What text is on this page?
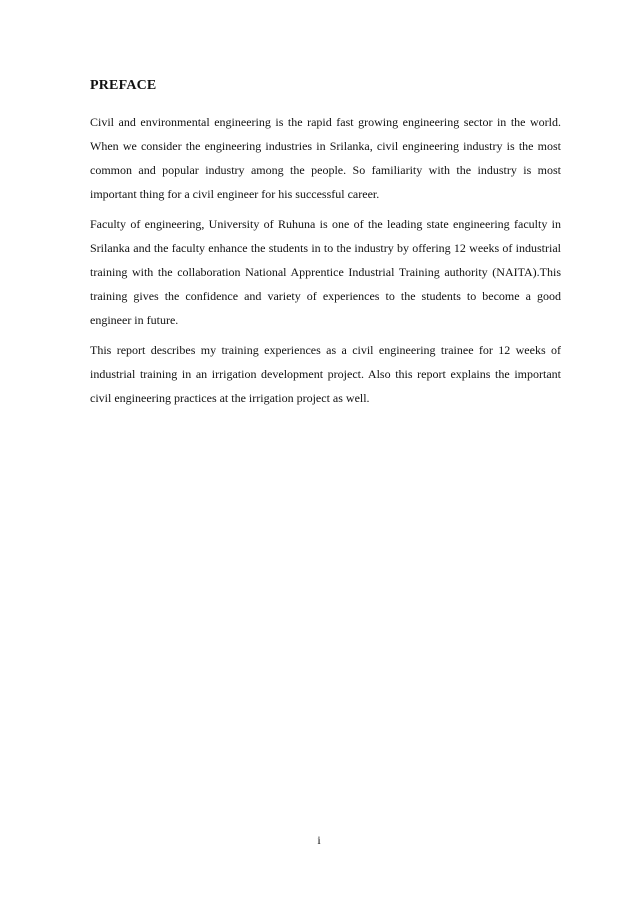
PREFACE

Civil and environmental engineering is the rapid fast growing engineering sector in the world. When we consider the engineering industries in Srilanka, civil engineering industry is the most common and popular industry among the people. So familiarity with the industry is most important thing for a civil engineer for his successful career.

Faculty of engineering, University of Ruhuna is one of the leading state engineering faculty in Srilanka and the faculty enhance the students in to the industry by offering 12 weeks of industrial training with the collaboration National Apprentice Industrial Training authority (NAITA).This training gives the confidence and variety of experiences to the students to become a good engineer in future.

This report describes my training experiences as a civil engineering trainee for 12 weeks of industrial training in an irrigation development project. Also this report explains the important civil engineering practices at the irrigation project as well.

i
